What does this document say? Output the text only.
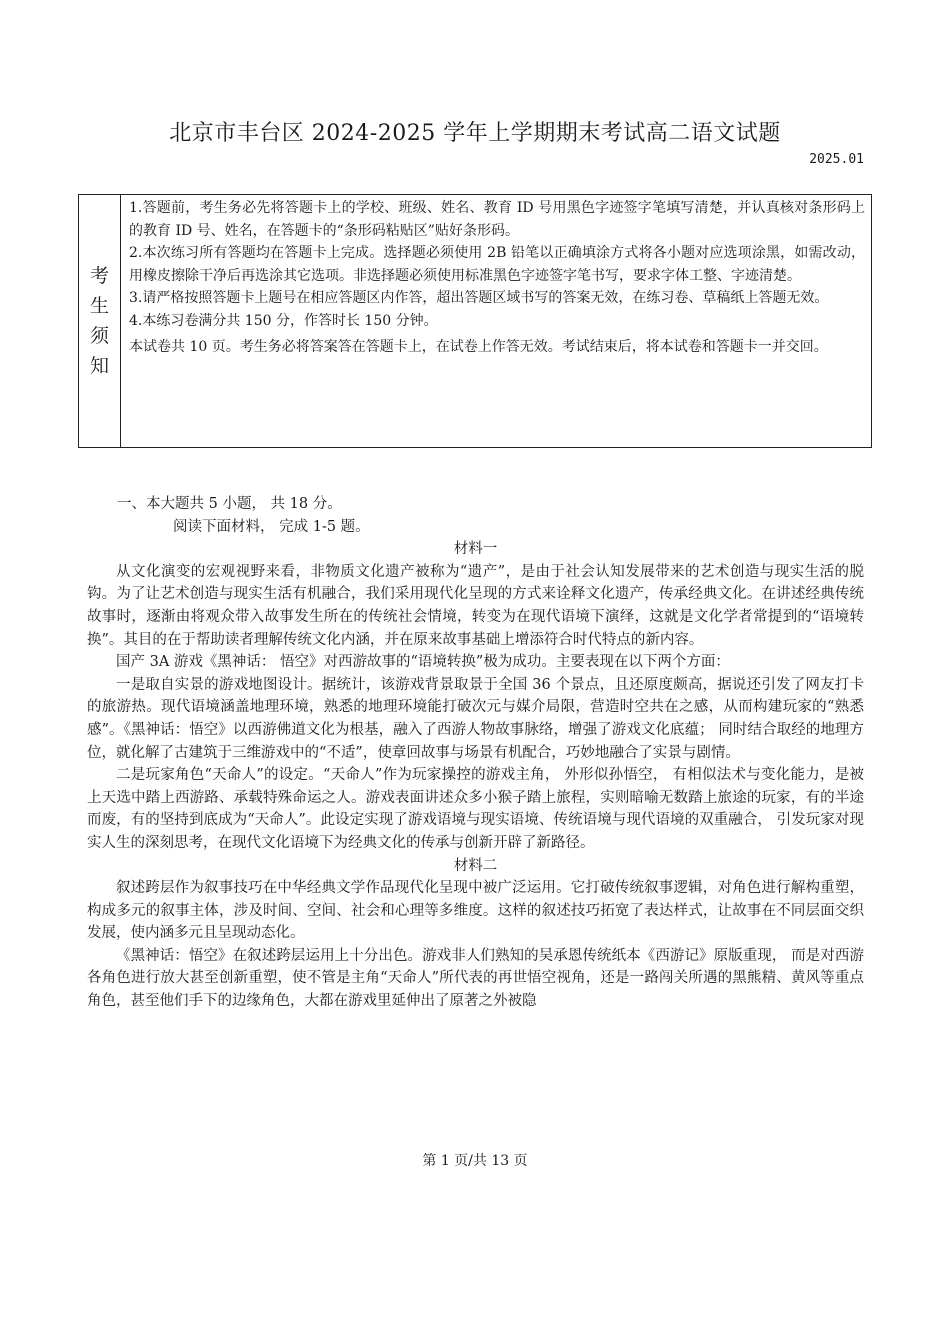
北京市丰台区 2024-2025 学年上学期期末考试高二语文试题
2025.01
考
生
须
知

1.答题前，考生务必先将答题卡上的学校、班级、姓名、教育 ID 号用黑色字迹签字笔填写清楚，并认真核对条形码上的教育 ID 号、姓名，在答题卡的“条形码粘贴区”贴好条形码。

2.本次练习所有答题均在答题卡上完成。选择题必须使用 2B 铅笔以正确填涂方式将各小题对应选项涂黑，如需改动，用橡皮擦除干净后再选涂其它选项。非选择题必须使用标准黑色字迹签字笔书写，要求字体工整、字迹清楚。

3.请严格按照答题卡上题号在相应答题区内作答，超出答题区域书写的答案无效，在练习卷、草稿纸上答题无效。

4.本练习卷满分共 150 分，作答时长 150 分钟。

本试卷共 10 页。考生务必将答案答在答题卡上，在试卷上作答无效。考试结束后，将本试卷和答题卡一并交回。

一、本大题共 5 小题， 共 18 分。

阅读下面材料， 完成 1-5 题。

材料一

从文化演变的宏观视野来看，非物质文化遗产被称为“遗产”，是由于社会认知发展带来的艺术创造与现实生活的脱钩。为了让艺术创造与现实生活有机融合，我们采用现代化呈现的方式来诠释文化遗产，传承经典文化。在讲述经典传统故事时，逐渐由将观众带入故事发生所在的传统社会情境，转变为在现代语境下演绎，这就是文化学者常提到的“语境转换”。其目的在于帮助读者理解传统文化内涵，并在原来故事基础上增添符合时代特点的新内容。

国产 3A 游戏《黑神话： 悟空》对西游故事的“语境转换”极为成功。主要表现在以下两个方面：

一是取自实景的游戏地图设计。据统计，该游戏背景取景于全国 36 个景点，且还原度颇高，据说还引发了网友打卡的旅游热。现代语境涵盖地理环境，熟悉的地理环境能打破次元与媒介局限，营造时空共在之感，从而构建玩家的“熟悉感”。《黑神话：悟空》以西游佛道文化为根基，融入了西游人物故事脉络，增强了游戏文化底蕴； 同时结合取经的地理方位，就化解了古建筑于三维游戏中的“不适”，使章回故事与场景有机配合，巧妙地融合了实景与剧情。

二是玩家角色“天命人”的设定。“天命人”作为玩家操控的游戏主角， 外形似孙悟空， 有相似法术与变化能力，是被上天选中踏上西游路、承载特殊命运之人。游戏表面讲述众多小猴子踏上旅程，实则暗喻无数踏上旅途的玩家，有的半途而废，有的坚持到底成为“天命人”。此设定实现了游戏语境与现实语境、传统语境与现代语境的双重融合， 引发玩家对现实人生的深刻思考，在现代文化语境下为经典文化的传承与创新开辟了新路径。

材料二

叙述跨层作为叙事技巧在中华经典文学作品现代化呈现中被广泛运用。它打破传统叙事逻辑，对角色进行解构重塑，构成多元的叙事主体，涉及时间、空间、社会和心理等多维度。这样的叙述技巧拓宽了表达样式，让故事在不同层面交织发展，使内涵多元且呈现动态化。

《黑神话：悟空》在叙述跨层运用上十分出色。游戏非人们熟知的吴承恩传统纸本《西游记》原版重现， 而是对西游各角色进行放大甚至创新重塑，使不管是主角“天命人”所代表的再世悟空视角，还是一路闯关所遇的黑熊精、黄风等重点角色，甚至他们手下的边缘角色，大都在游戏里延伸出了原著之外被隐

第 1 页/共 13 页
